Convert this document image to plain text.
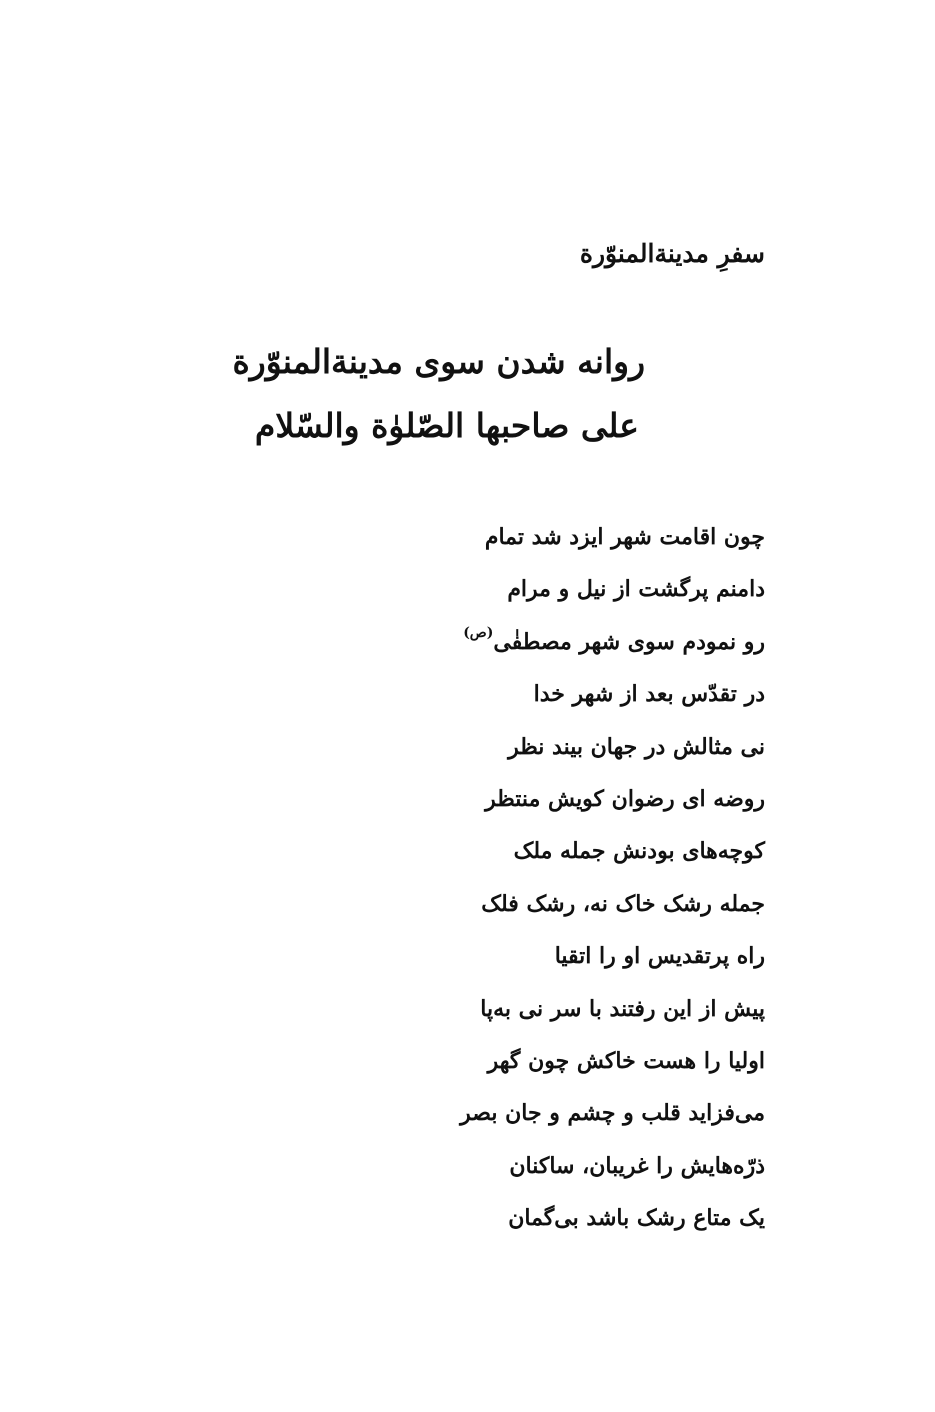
سفرِ مدینةالمنوّرة
روانه شدن سوی مدینةالمنوّرة
علی صاحبها الصّلوٰة والسّلام
چون اقامت شهر ایزد شد تمام
دامنم پرگشت از نیل و مرام
رو نمودم سوی شهر مصطفٰی$^{(ص)}$
در تقدّس بعد از شهر خدا
نی مثالش در جهان بیند نظر
روضه ای رضوان کویش منتظر
کوچه‌های بودنش جمله ملک
جمله رشک خاک نه، رشک فلک
راه پرتقدیس او را اتقیا
پیش از این رفتند با سر نی به‌پا
اولیا را هست خاکش چون گهر
می‌فزاید قلب و چشم و جان بصر
ذرّه‌هایش را غریبان، ساکنان
یک متاع رشک باشد بی‌گمان
